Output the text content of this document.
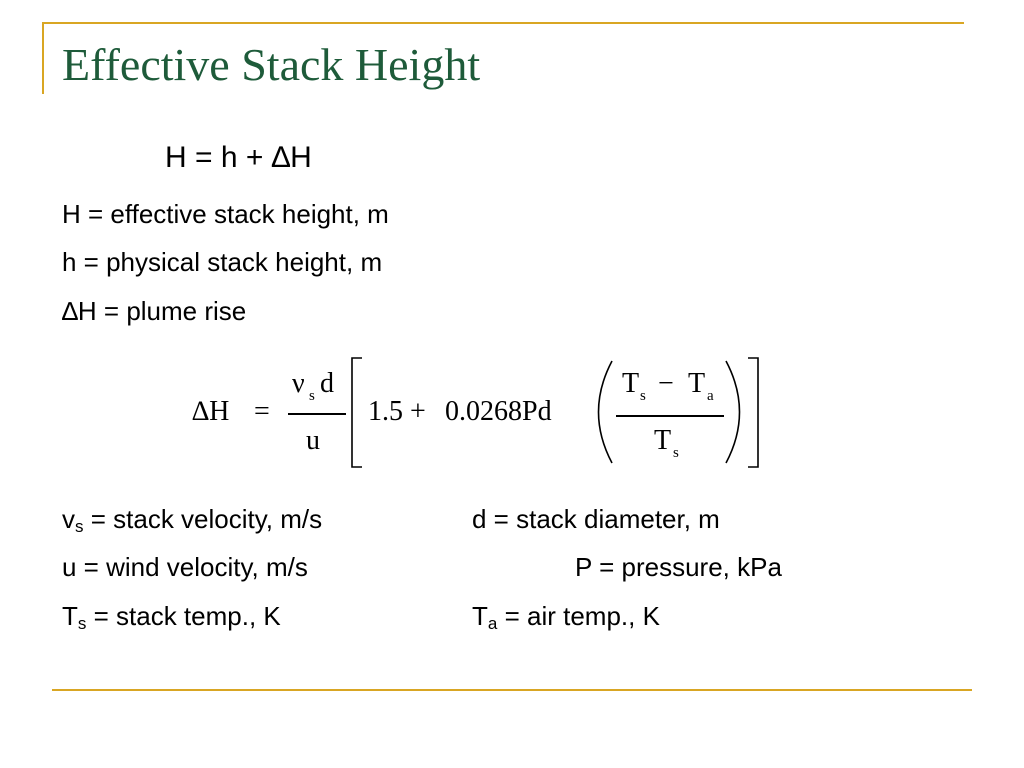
Effective Stack Height
H = h + ∆H
H = effective stack height, m
h = physical stack height, m
∆H = plume rise
∆H =
ν s d
u
1.5 + 0.0268Pd
T s − T a
T s
$v_s$ = stack velocity, m/s	d = stack diameter, m
u = wind velocity, m/s	P = pressure, kPa
$T_s$ = stack temp., K	$T_a$ = air temp., K
